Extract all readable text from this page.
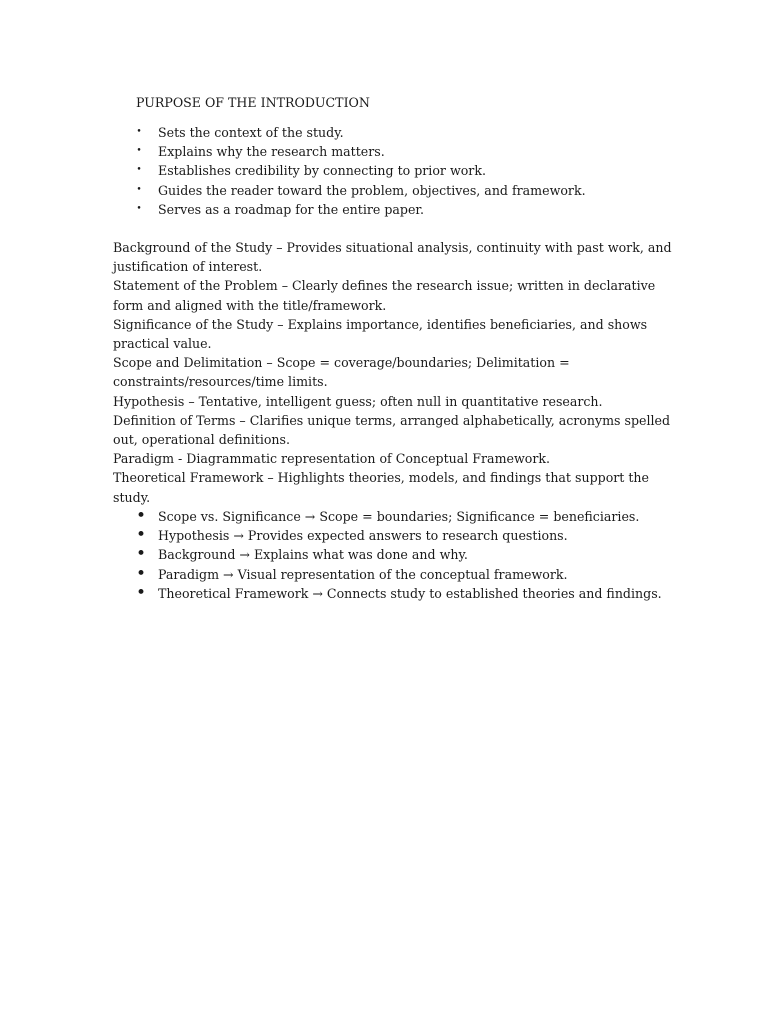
PURPOSE OF THE INTRODUCTION
• Sets the context of the study.
• Explains why the research matters.
• Establishes credibility by connecting to prior work.
• Guides the reader toward the problem, objectives, and framework.
• Serves as a roadmap for the entire paper.

Background of the Study – Provides situational analysis, continuity with past work, and justification of interest.

Statement of the Problem – Clearly defines the research issue; written in declarative form and aligned with the title/framework.

Significance of the Study – Explains importance, identifies beneficiaries, and shows practical value.

Scope and Delimitation – Scope = coverage/boundaries; Delimitation = constraints/resources/time limits.

Hypothesis – Tentative, intelligent guess; often null in quantitative research.

Definition of Terms – Clarifies unique terms, arranged alphabetically, acronyms spelled out, operational definitions.

Paradigm - Diagrammatic representation of Conceptual Framework.

Theoretical Framework – Highlights theories, models, and findings that support the study.

• Scope vs. Significance → Scope = boundaries; Significance = beneficiaries.
• Hypothesis → Provides expected answers to research questions.
• Background → Explains what was done and why.
• Paradigm → Visual representation of the conceptual framework.
• Theoretical Framework → Connects study to established theories and findings.
